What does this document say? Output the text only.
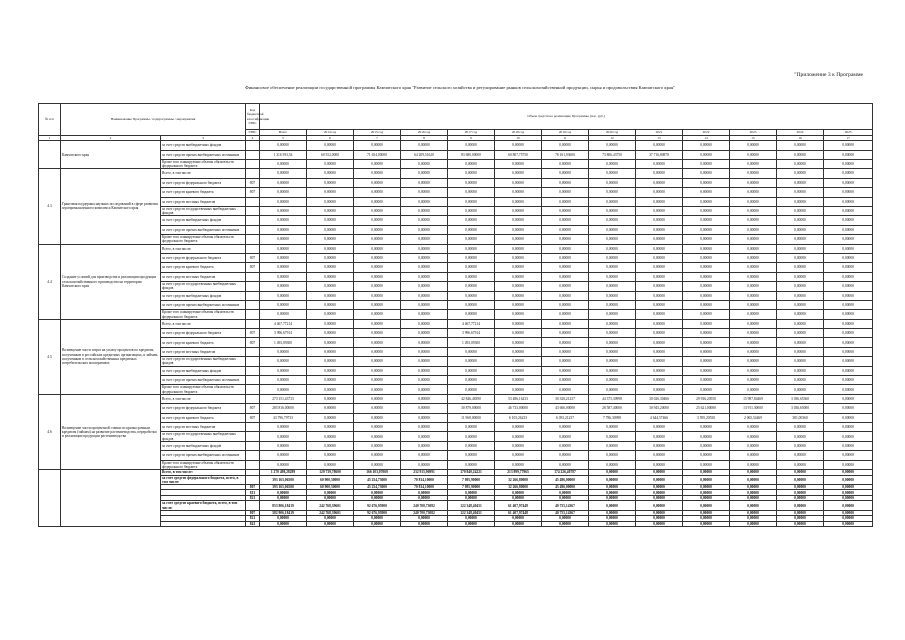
"Приложение 3 к Программе
Финансовое обеспечение реализации государственной программы Камчатского края "Развитие сельского хозяйства и регулирование рынков сельскохозяйственной продукции, сырья и продовольствия Камчатского края"
№ п/п	Наименование Программы / подпрограммы / мероприятия		Код бюджетной классификации ГРБС	Объем средств на реализацию Программы (тыс. руб.)												
			ГРБС	Всего	2014 год	2015 год	2016 год	2017 год	2018 год	2019 год	2020 год	2021	2022	2023	2024	2025
1	2	3	4	5	6	7	8	9	10	11	12	13	14	15	16	17
	Камчатского края	за счет средств внебюджетных фондов		0,00000	0,00000	0,00000	0,00000	0,00000	0,00000	0,00000	0,00000	0,00000	0,00000	0,00000	0,00000	0,00000
		за счет средств прочих внебюджетных источников		1 316 593,54	60 552,0000	71 654,00000	64 209,51620	83 680,00000	60 807,75750	78 161,93600	73 806,43750	37 716,80878	0,00000	0,00000	0,00000	0,00000
		Кроме того планируемые объемы обязательств федерального бюджета		0,00000	0,00000	0,00000	0,00000	0,00000	0,00000	0,00000	0,00000	0,00000	0,00000	0,00000	0,00000	0,00000
4.3	Грантовая поддержка научных исследований в сфере развития агропромышленного комплекса Камчатского края	Всего, в том числе:		0,00000	0,00000	0,00000	0,00000	0,00000	0,00000	0,00000	0,00000	0,00000	0,00000	0,00000	0,00000	0,00000
		за счет средств федерального бюджета	807	0,00000	0,00000	0,00000	0,00000	0,00000	0,00000	0,00000	0,00000	0,00000	0,00000	0,00000	0,00000	0,00000
		за счет средств краевого бюджета	807	0,00000	0,00000	0,00000	0,00000	0,00000	0,00000	0,00000	0,00000	0,00000	0,00000	0,00000	0,00000	0,00000
		за счет средств местных бюджетов		0,00000	0,00000	0,00000	0,00000	0,00000	0,00000	0,00000	0,00000	0,00000	0,00000	0,00000	0,00000	0,00000
		за счет средств государственных внебюджетных фондов		0,00000	0,00000	0,00000	0,00000	0,00000	0,00000	0,00000	0,00000	0,00000	0,00000	0,00000	0,00000	0,00000
		за счет средств внебюджетных фондов		0,00000	0,00000	0,00000	0,00000	0,00000	0,00000	0,00000	0,00000	0,00000	0,00000	0,00000	0,00000	0,00000
		за счет средств прочих внебюджетных источников		0,00000	0,00000	0,00000	0,00000	0,00000	0,00000	0,00000	0,00000	0,00000	0,00000	0,00000	0,00000	0,00000
		Кроме того планируемые объемы обязательств федерального бюджета		0,00000	0,00000	0,00000	0,00000	0,00000	0,00000	0,00000	0,00000	0,00000	0,00000	0,00000	0,00000	0,00000
4.4	Создание условий для производства и реализации продукции сельскохозяйственного производства на территории Камчатского края	Всего, в том числе:		0,00000	0,00000	0,00000	0,00000	0,00000	0,00000	0,00000	0,00000	0,00000	0,00000	0,00000	0,00000	0,00000
		за счет средств федерального бюджета	807	0,00000	0,00000	0,00000	0,00000	0,00000	0,00000	0,00000	0,00000	0,00000	0,00000	0,00000	0,00000	0,00000
		за счет средств краевого бюджета	807	0,00000	0,00000	0,00000	0,00000	0,00000	0,00000	0,00000	0,00000	0,00000	0,00000	0,00000	0,00000	0,00000
		за счет средств местных бюджетов		0,00000	0,00000	0,00000	0,00000	0,00000	0,00000	0,00000	0,00000	0,00000	0,00000	0,00000	0,00000	0,00000
		за счет средств государственных внебюджетных фондов		0,00000	0,00000	0,00000	0,00000	0,00000	0,00000	0,00000	0,00000	0,00000	0,00000	0,00000	0,00000	0,00000
		за счет средств внебюджетных фондов		0,00000	0,00000	0,00000	0,00000	0,00000	0,00000	0,00000	0,00000	0,00000	0,00000	0,00000	0,00000	0,00000
		за счет средств прочих внебюджетных источников		0,00000	0,00000	0,00000	0,00000	0,00000	0,00000	0,00000	0,00000	0,00000	0,00000	0,00000	0,00000	0,00000
		Кроме того планируемые объемы обязательств федерального бюджета		0,00000	0,00000	0,00000	0,00000	0,00000	0,00000	0,00000	0,00000	0,00000	0,00000	0,00000	0,00000	0,00000
4.5	Возмещение части затрат на уплату процентов по кредитам, полученным в российских кредитных организациях, и займам, полученным в сельскохозяйственных кредитных потребительских кооперативах	Всего, в том числе:		4 467,77214	0,00000	0,00000	0,00000	4 467,77214	0,00000	0,00000	0,00000	0,00000	0,00000	0,00000	0,00000	0,00000
		за счет средств федерального бюджета	807	3 996,67914	0,00000	0,00000	0,00000	3 996,67914	0,00000	0,00000	0,00000	0,00000	0,00000	0,00000	0,00000	0,00000
		за счет средств краевого бюджета	807	1 493,09300	0,00000	0,00000	0,00000	1 493,09300	0,00000	0,00000	0,00000	0,00000	0,00000	0,00000	0,00000	0,00000
		за счет средств местных бюджетов		0,00000	0,00000	0,00000	0,00000	0,00000	0,00000	0,00000	0,00000	0,00000	0,00000	0,00000	0,00000	0,00000
		за счет средств государственных внебюджетных фондов		0,00000	0,00000	0,00000	0,00000	0,00000	0,00000	0,00000	0,00000	0,00000	0,00000	0,00000	0,00000	0,00000
		за счет средств внебюджетных фондов		0,00000	0,00000	0,00000	0,00000	0,00000	0,00000	0,00000	0,00000	0,00000	0,00000	0,00000	0,00000	0,00000
		за счет средств прочих внебюджетных источников		0,00000	0,00000	0,00000	0,00000	0,00000	0,00000	0,00000	0,00000	0,00000	0,00000	0,00000	0,00000	0,00000
		Кроме того планируемые объемы обязательств федерального бюджета		0,00000	0,00000	0,00000	0,00000	0,00000	0,00000	0,00000	0,00000	0,00000	0,00000	0,00000	0,00000	0,00000
4.6	Возмещение части процентной ставки по краткосрочным кредитам (займам) на развитие растениеводства, переработки и реализации продукции растениеводства	Всего, в том числе:		273 151,43733	0,00000	0,00000	0,00000	42 846,48390	53 486,16233	30 320,21237	44 375,30998	30 026,30466	29 936,20550	15 987,84469	3 036,65360	0,00000
		за счет средств федерального бюджета	807	285 816,00000	0,00000	0,00000	0,00000	30 879,00000	46 733,00000	43 666,00000	28 587,40000	30 945,20000	25 621,00000	13 911,30000	3 036,65000	0,00000
		за счет средств краевого бюджета	807	43 796,79733	0,00000	0,00000	0,00000	11 968,00000	6 103,26233	6 053,21237	7 786,30998	4 644,57466	3 595,20550	2 065,54469	381,00360	0,00000
		за счет средств местных бюджетов		0,00000	0,00000	0,00000	0,00000	0,00000	0,00000	0,00000	0,00000	0,00000	0,00000	0,00000	0,00000	0,00000
		за счет средств государственных внебюджетных фондов		0,00000	0,00000	0,00000	0,00000	0,00000	0,00000	0,00000	0,00000	0,00000	0,00000	0,00000	0,00000	0,00000
		за счет средств внебюджетных фондов		0,00000	0,00000	0,00000	0,00000	0,00000	0,00000	0,00000	0,00000	0,00000	0,00000	0,00000	0,00000	0,00000
		за счет средств прочих внебюджетных источников		0,00000	0,00000	0,00000	0,00000	0,00000	0,00000	0,00000	0,00000	0,00000	0,00000	0,00000	0,00000	0,00000
		Кроме того планируемые объемы обязательств федерального бюджета		0,00000	0,00000	0,00000	0,00000	0,00000	0,00000	0,00000	0,00000	0,00000	0,00000	0,00000	0,00000	0,00000
		Всего, в том числе:		1 270 498,28289	129 739,78600	166 103,07069	232 915,96991	170 840,24221	213 899,77965	174 226,40787	0,00000	0,00000	0,00000	0,00000	0,00000	0,00000
		за счет средств федерального бюджета, всего, в том числе:		393 165,06500	60 900,30000	45 254,73000	70 814,10000	7 095,90000	32 266,80000	45 496,00000	0,00000	0,00000	0,00000	0,00000	0,00000	0,00000
			807	393 165,06500	60 900,30000	45 254,73000	70 814,10000	7 095,90000	32 266,80000	45 496,00000	0,00000	0,00000	0,00000	0,00000	0,00000	0,00000
			813	0,00000	0,00000	0,00000	0,00000	0,00000	0,00000	0,00000	0,00000	0,00000	0,00000	0,00000	0,00000	0,00000
			821	0,00000	0,00000	0,00000	0,00000	0,00000	0,00000	0,00000	0,00000	0,00000	0,00000	0,00000	0,00000	0,00000
		за счет средств краевого бюджета, всего, в том числе:		853 806,18419	242 768,39601	92 676,95900	240 700,73082	122 348,40451	61 407,97448	40 755,14367	0,00000	0,00000	0,00000	0,00000	0,00000	0,00000
			807	582 906,18419	242 768,39601	92 676,95900	240 700,73082	122 348,40451	61 407,97448	40 755,14367	0,00000	0,00000	0,00000	0,00000	0,00000	0,00000
			821	0,00000	0,00000	0,00000	0,00000	0,00000	0,00000	0,00000	0,00000	0,00000	0,00000	0,00000	0,00000	0,00000
			841	0,00000	0,00000	0,00000	0,00000	0,00000	0,00000	0,00000	0,00000	0,00000	0,00000	0,00000	0,00000	0,00000
